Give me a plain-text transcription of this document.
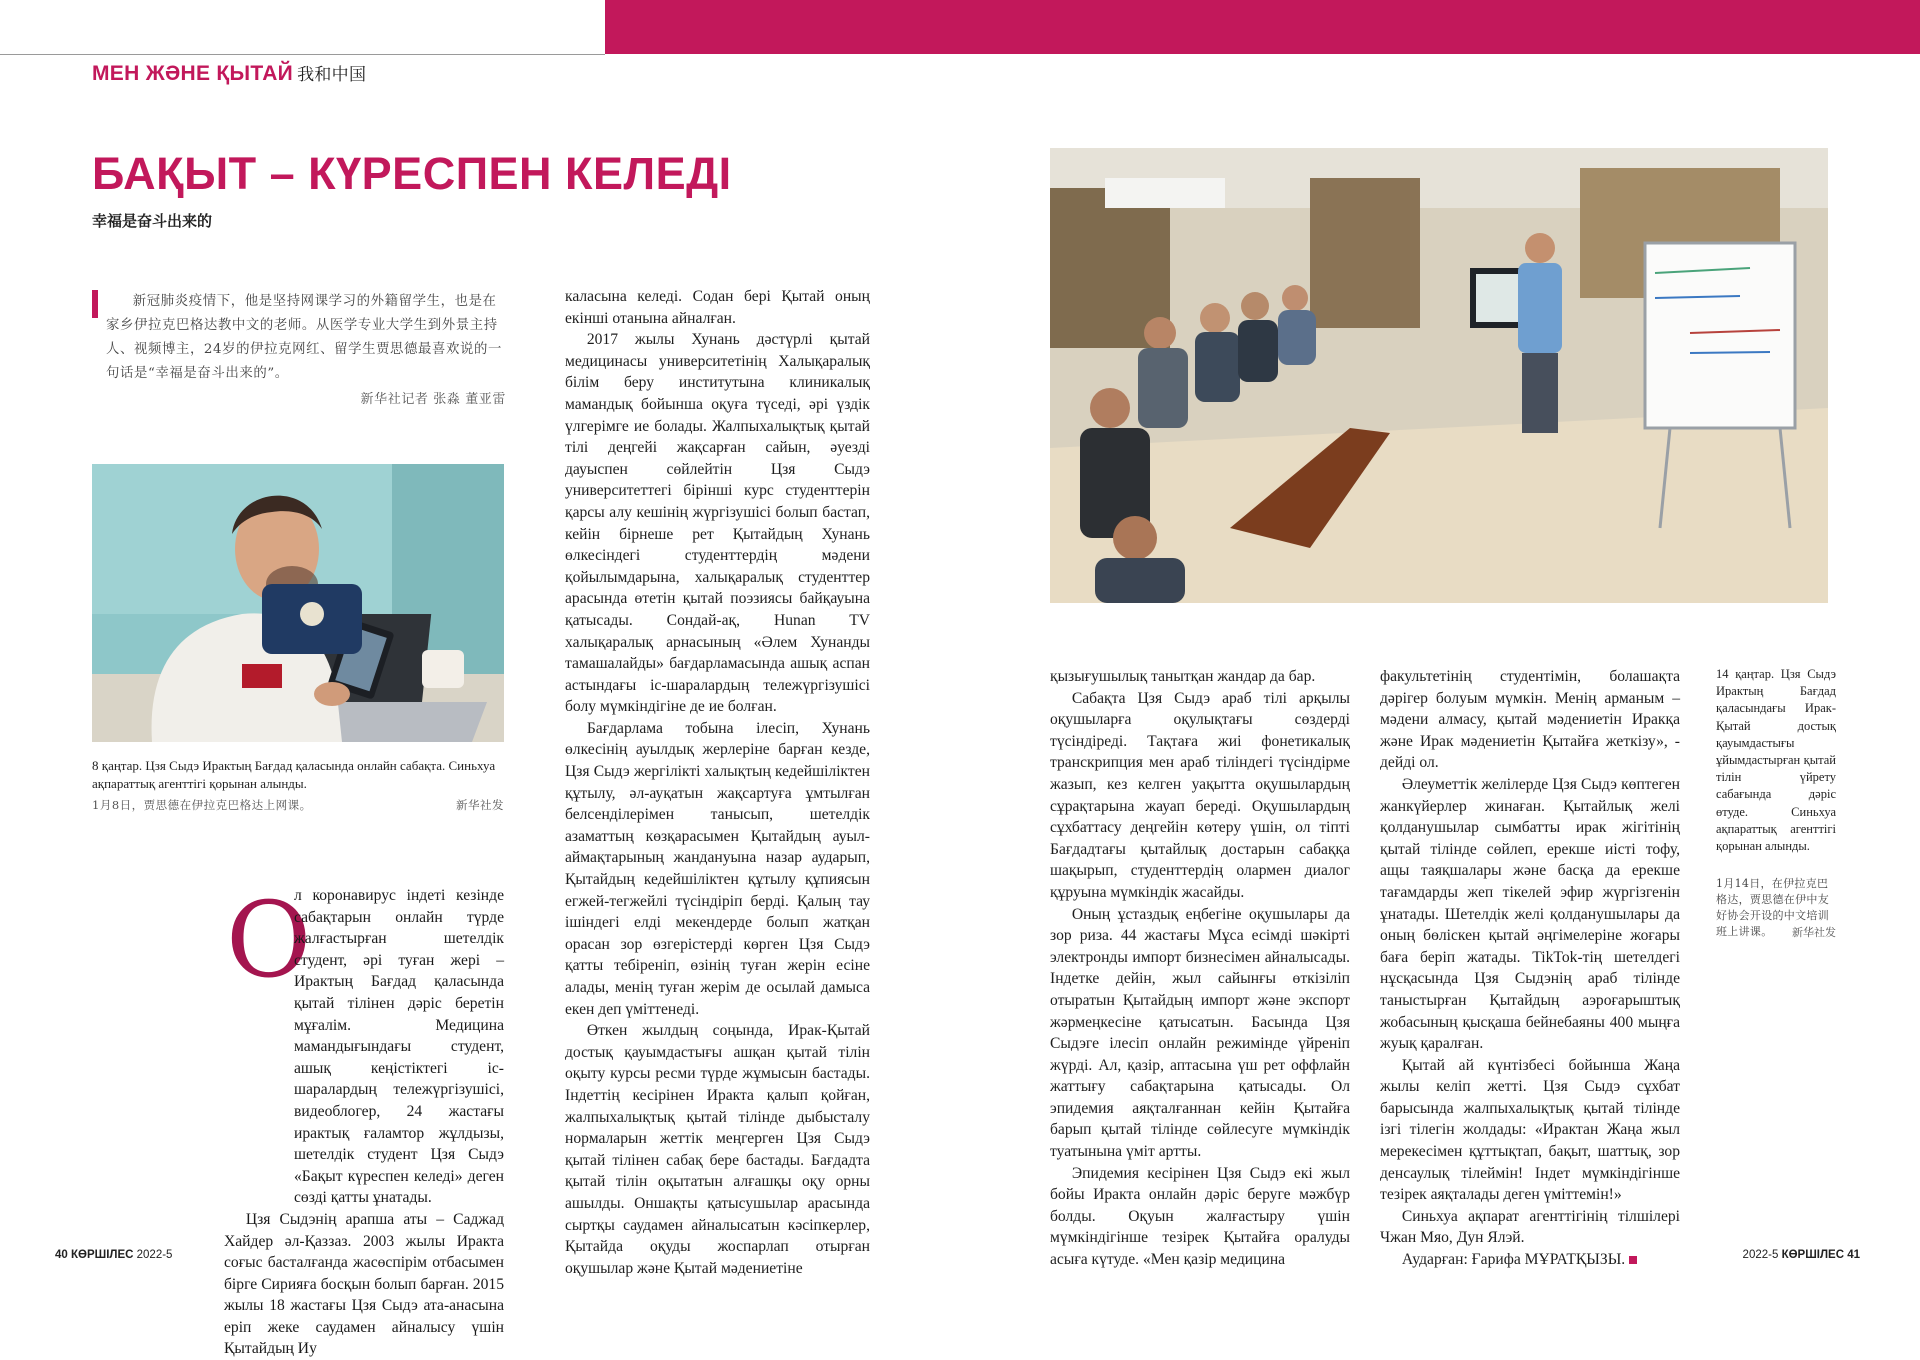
МЕН ЖӘНЕ ҚЫТАЙ 我和中国
БАҚЫТ – КҮРЕСПЕН КЕЛЕДІ
幸福是奋斗出来的

新冠肺炎疫情下，他是坚持网课学习的外籍留学生，也是在家乡伊拉克巴格达教中文的老师。从医学专业大学生到外景主持人、视频博主，24岁的伊拉克网红、留学生贾思德最喜欢说的一句话是“幸福是奋斗出来的”。

新华社记者 张淼 董亚雷

8 қаңтар. Цзя Сыдэ Ирактың Бағдад қаласында онлайн сабақта. Синьхуа ақпараттық агенттігі қорынан алынды.
1月8日，贾思德在伊拉克巴格达上网课。	新华社发
О

л коронавирус індеті кезінде сабақтарын онлайн түрде жалғастырған шетелдік студент, әрі туған жері – Ирактың Бағдад қаласында қытай тілінен дәріс беретін мұғалім. Медицина мамандығындағы студент, ашық кеңістіктегі іс-шаралардың тележүргізушісі, видеоблогер, 24 жастағы ирактық ғаламтор жұлдызы, шетелдік студент Цзя Сыдэ «Бақыт күреспен келеді» деген сөзді қатты ұнатады.

Цзя Сыдэнің арапша аты – Саджад Хайдер әл-Қаззаз. 2003 жылы Иракта соғыс басталғанда жасөспірім отбасымен бірге Сирияға босқын болып барған. 2015 жылы 18 жастағы Цзя Сыдэ ата-анасына еріп жеке саудамен айналысу үшін Қытайдың Иу

каласына келеді. Содан бері Қытай оның екінші отанына айналған.

2017 жылы Хунань дәстүрлі қытай медицинасы университетінің Халықаралық білім беру институтына клиникалық мамандық бойынша оқуға түседі, әрі үздік үлгерімге ие болады. Жалпыхалықтық қытай тілі деңгейі жақсарған сайын, әуезді дауыспен сөйлейтін Цзя Сыдэ университеттегі бірінші курс студенттерін қарсы алу кешінің жүргізушісі болып бастап, кейін бірнеше рет Қытайдың Хунань өлкесіндегі студенттердің мәдени қойылымдарына, халықаралық студенттер арасында өтетін қытай поэзиясы байқауына қатысады. Сондай-ақ, Hunan TV халықаралық арнасының «Әлем Хунанды тамашалайды» бағдарламасында ашық аспан астындағы іс-шаралардың тележүргізушісі болу мүмкіндігіне де ие болған.

Бағдарлама тобына ілесіп, Хунань өлкесінің ауылдық жерлеріне барған кезде, Цзя Сыдэ жергілікті халықтың кедейшіліктен құтылу, әл-ауқатын жақсартуға ұмтылған белсенділерімен танысып, шетелдік азаматтың көзқарасымен Қытайдың ауыл-аймақтарының жандануына назар аударып, Қытайдың кедейшіліктен құтылу құпиясын егжей-тегжейлі түсіндіріп берді. Қалың тау ішіндегі елді мекендерде болып жатқан орасан зор өзгерістерді көрген Цзя Сыдэ қатты тебіреніп, өзінің туған жерін есіне алады, менің туған жерім де осылай дамыса екен деп үміттенеді.

Өткен жылдың соңында, Ирак-Қытай достық қауымдастығы ашқан қытай тілін оқыту курсы ресми түрде жұмысын бастады. Індеттің кесірінен Иракта қалып қойған, жалпыхалықтық қытай тілінде дыбысталу нормаларын жеттік меңгерген Цзя Сыдэ қытай тілінен сабақ бере бастады. Бағдадта қытай тілін оқытатын алғашқы оқу орны ашылды. Оншақты қатысушылар арасында сыртқы саудамен айналысатын кәсіпкерлер, Қытайда оқуды жоспарлап отырған оқушылар және Қытай мәдениетіне

қызығушылық танытқан жандар да бар.

Сабақта Цзя Сыдэ араб тілі арқылы оқушыларға оқулықтағы сөздерді түсіндіреді. Тақтаға жиі фонетикалық транскрипция мен араб тіліндегі түсіндірме жазып, кез келген уақытта оқушылардың сұрақтарына жауап береді. Оқушылардың сұхбаттасу деңгейін көтеру үшін, ол тіпті Бағдадтағы қытайлық достарын сабаққа шақырып, студенттердің олармен диалог құруына мүмкіндік жасайды.

Оның ұстаздық еңбегіне оқушылары да зор риза. 44 жастағы Мұса есімді шәкірті электронды импорт бизнесімен айналысады. Індетке дейін, жыл сайынғы өткізіліп отыратын Қытайдың импорт және экспорт жәрмеңкесіне қатысатын. Басында Цзя Сыдэге ілесіп онлайн режимінде үйреніп жүрді. Ал, қазір, аптасына үш рет оффлайн жаттығу сабақтарына қатысады. Ол эпидемия аяқталғаннан кейін Қытайға барып қытай тілінде сөйлесуге мүмкіндік туатынына үміт артты.

Эпидемия кесірінен Цзя Сыдэ екі жыл бойы Иракта онлайн дәріс беруге мәжбүр болды. Оқуын жалғастыру үшін мүмкіндігінше тезірек Қытайға оралуды асыға күтуде. «Мен қазір медицина

факультетінің студентімін, болашақта дәрігер болуым мүмкін. Менің арманым – мәдени алмасу, қытай мәдениетін Иракқа және Ирак мәдениетін Қытайға жеткізу», - дейді ол.

Әлеуметтік желілерде Цзя Сыдэ көптеген жанкүйерлер жинаған. Қытайлық желі қолданушылар сымбатты ирак жігітінің қытай тілінде сөйлеп, ерекше иісті тофу, ащы таяқшалары және басқа да ерекше тағамдарды жеп тікелей эфир жүргізгенін ұнатады. Шетелдік желі қолданушылары да оның бөліскен қытай әңгімелеріне жоғары баға беріп жатады. TikTok-тің шетелдегі нұсқасында Цзя Сыдэнің араб тілінде таныстырған Қытайдың аэроғарыштық жобасының қысқаша бейнебаяны 400 мыңға жуық қаралған.

Қытай ай күнтізбесі бойынша Жаңа жылы келіп жетті. Цзя Сыдэ сұхбат барысында жалпыхалықтық қытай тілінде ізгі тілегін жолдады: «Ирактан Жаңа жыл мерекесімен құттықтап, бақыт, шаттық, зор денсаулық тілеймін! Індет мүмкіндігінше тезірек аяқталады деген үміттемін!»

Синьхуа ақпарат агенттігінің тілшілері Чжан Мяо, Дун Ялэй.

Аударған: Ғарифа МҰРАТҚЫЗЫ.

14 қаңтар. Цзя Сыдэ Ирактың Бағдад қаласындағы Ирак-Қытай достық қауымдастығы ұйымдастырған қытай тілін үйрету сабағында дәріс өтуде. Синьхуа ақпараттық агенттігі қорынан алынды.
1月14日，在伊拉克巴格达，贾思德在伊中友好协会开设的中文培训班上讲课。	新华社发
40 КӨРШІЛЕС 2022-5	2022-5 КӨРШІЛЕС 41
